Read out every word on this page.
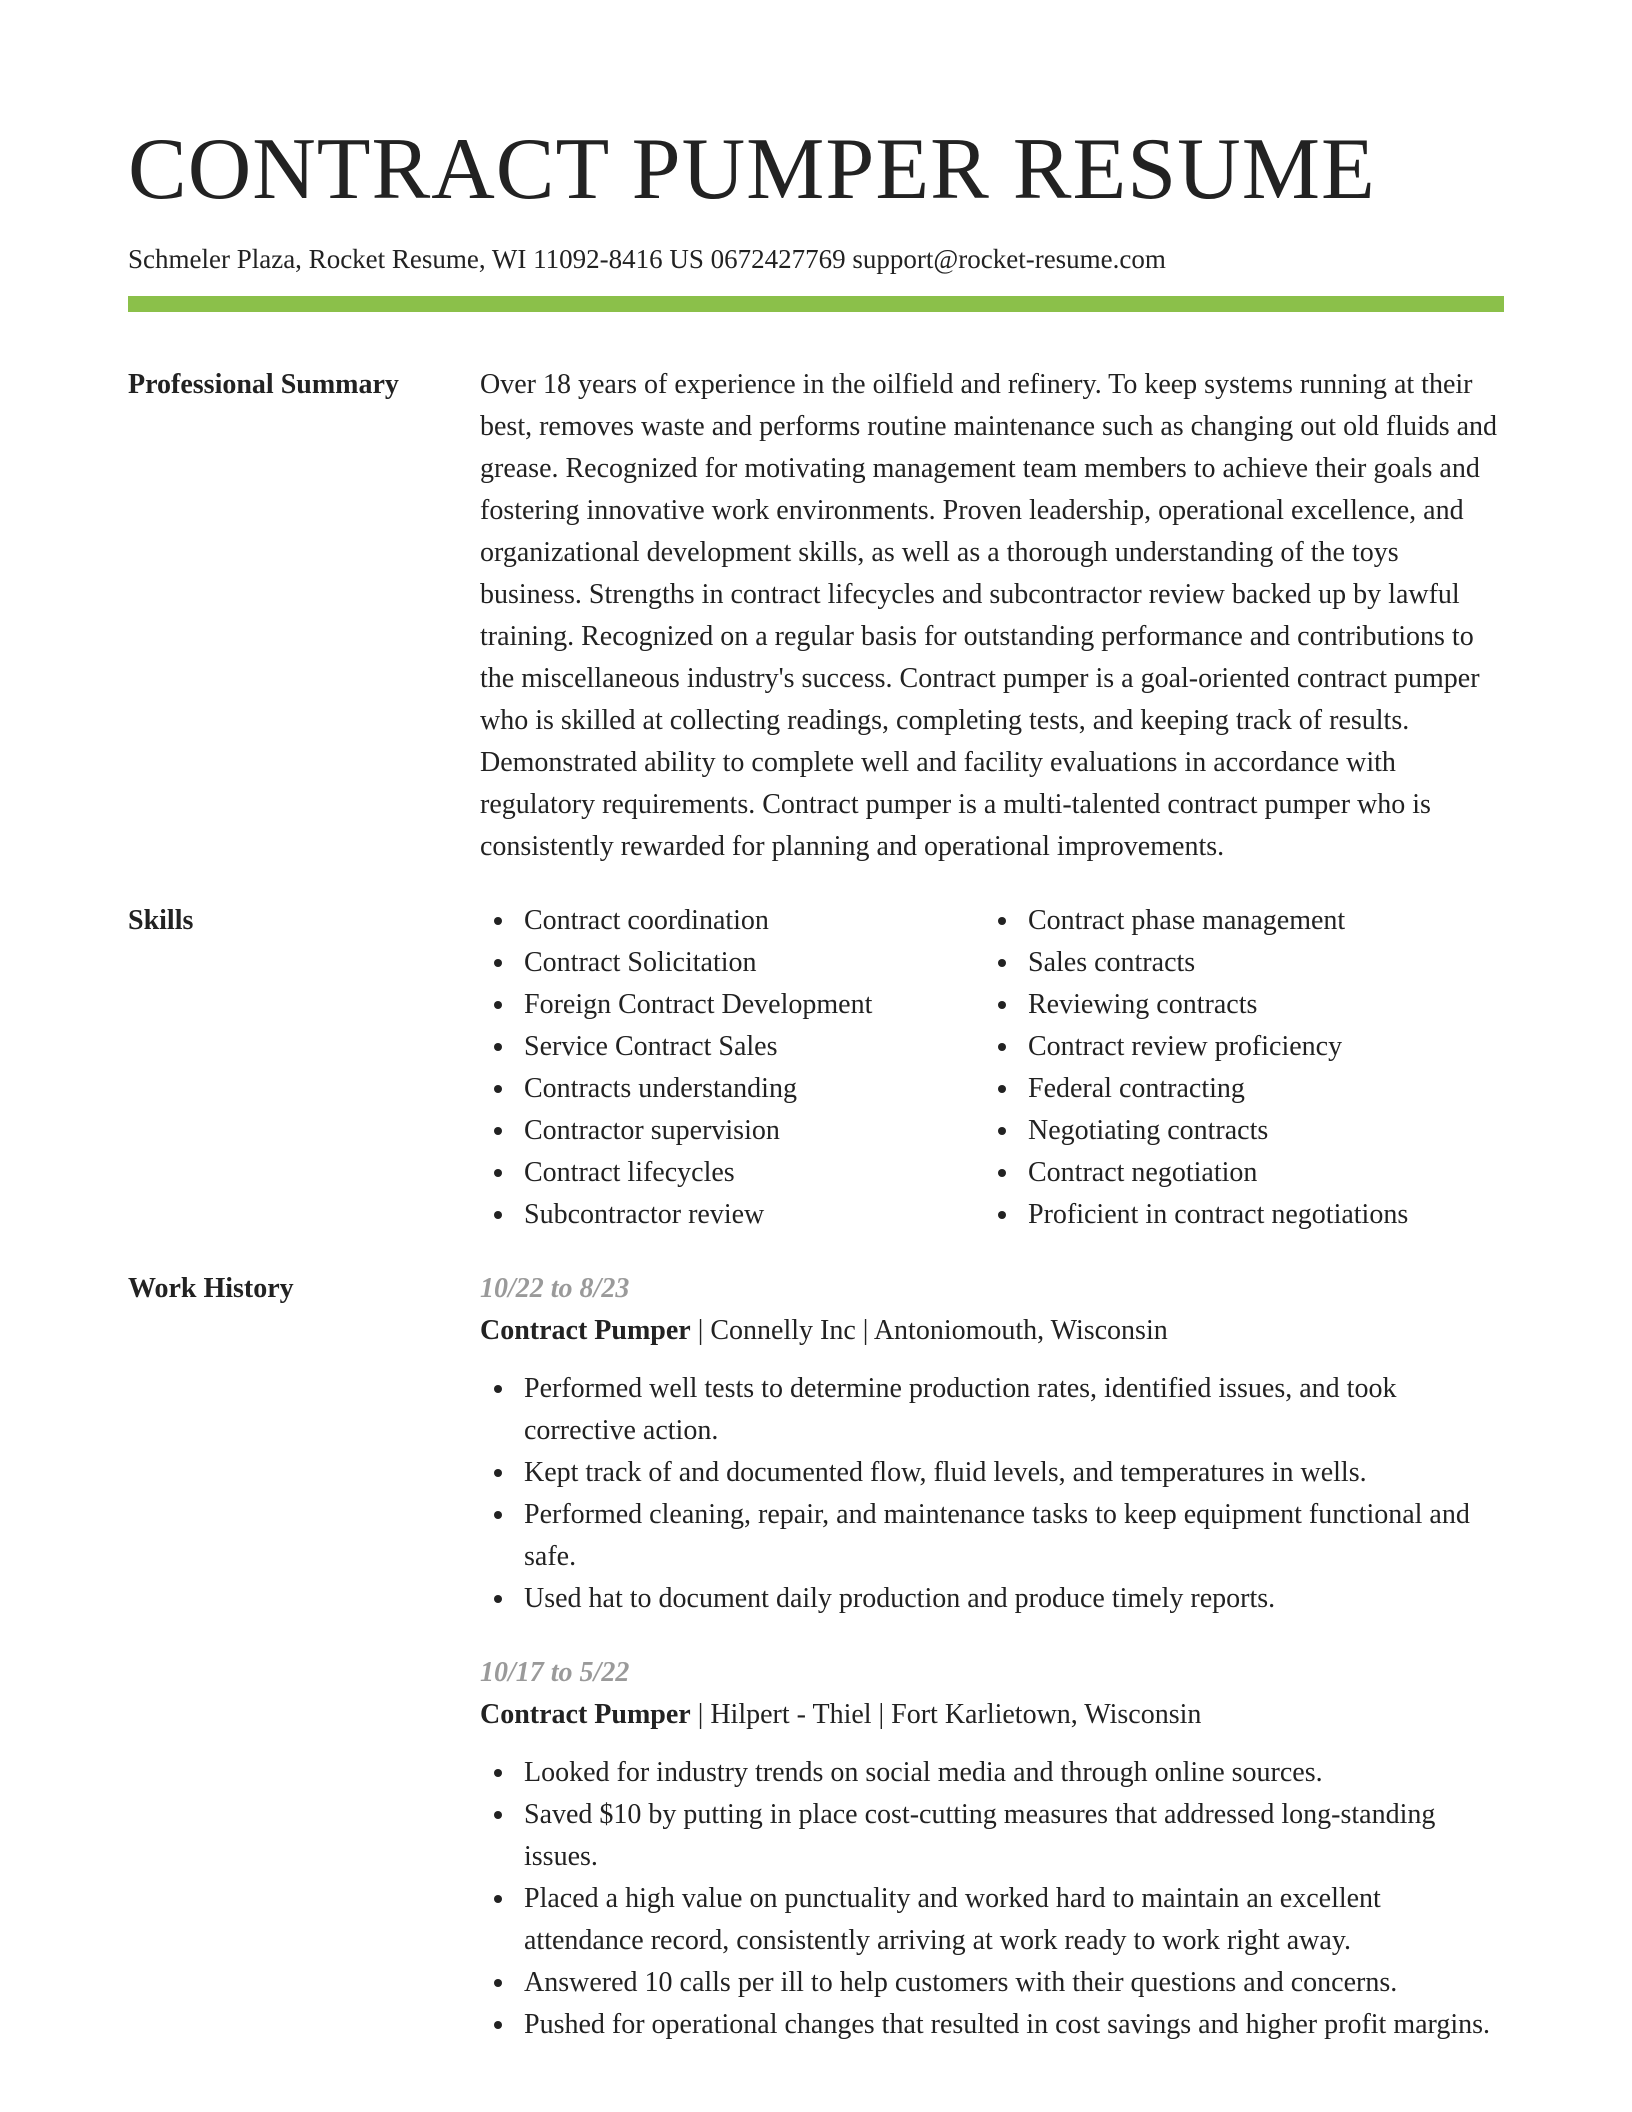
CONTRACT PUMPER RESUME
Schmeler Plaza, Rocket Resume, WI 11092-8416 US 0672427769 support@rocket-resume.com
Professional Summary	Over 18 years of experience in the oilfield and refinery. To keep systems running at their best, removes waste and performs routine maintenance such as changing out old fluids and grease. Recognized for motivating management team members to achieve their goals and fostering innovative work environments. Proven leadership, operational excellence, and organizational development skills, as well as a thorough understanding of the toys business. Strengths in contract lifecycles and subcontractor review backed up by lawful training. Recognized on a regular basis for outstanding performance and contributions to the miscellaneous industry's success. Contract pumper is a goal-oriented contract pumper who is skilled at collecting readings, completing tests, and keeping track of results. Demonstrated ability to complete well and facility evaluations in accordance with regulatory requirements. Contract pumper is a multi-talented contract pumper who is consistently rewarded for planning and operational improvements.
Skills	Contract coordination
Contract Solicitation
Foreign Contract Development
Service Contract Sales
Contracts understanding
Contractor supervision
Contract lifecycles
Subcontractor review
Contract phase management
Sales contracts
Reviewing contracts
Contract review proficiency
Federal contracting
Negotiating contracts
Contract negotiation
Proficient in contract negotiations
Work History	10/22 to 8/23
Contract Pumper | Connelly Inc | Antoniomouth, Wisconsin
Performed well tests to determine production rates, identified issues, and took corrective action.
Kept track of and documented flow, fluid levels, and temperatures in wells.
Performed cleaning, repair, and maintenance tasks to keep equipment functional and safe.
Used hat to document daily production and produce timely reports.
10/17 to 5/22
Contract Pumper | Hilpert - Thiel | Fort Karlietown, Wisconsin
Looked for industry trends on social media and through online sources.
Saved $10 by putting in place cost-cutting measures that addressed long-standing issues.
Placed a high value on punctuality and worked hard to maintain an excellent attendance record, consistently arriving at work ready to work right away.
Answered 10 calls per ill to help customers with their questions and concerns.
Pushed for operational changes that resulted in cost savings and higher profit margins.
